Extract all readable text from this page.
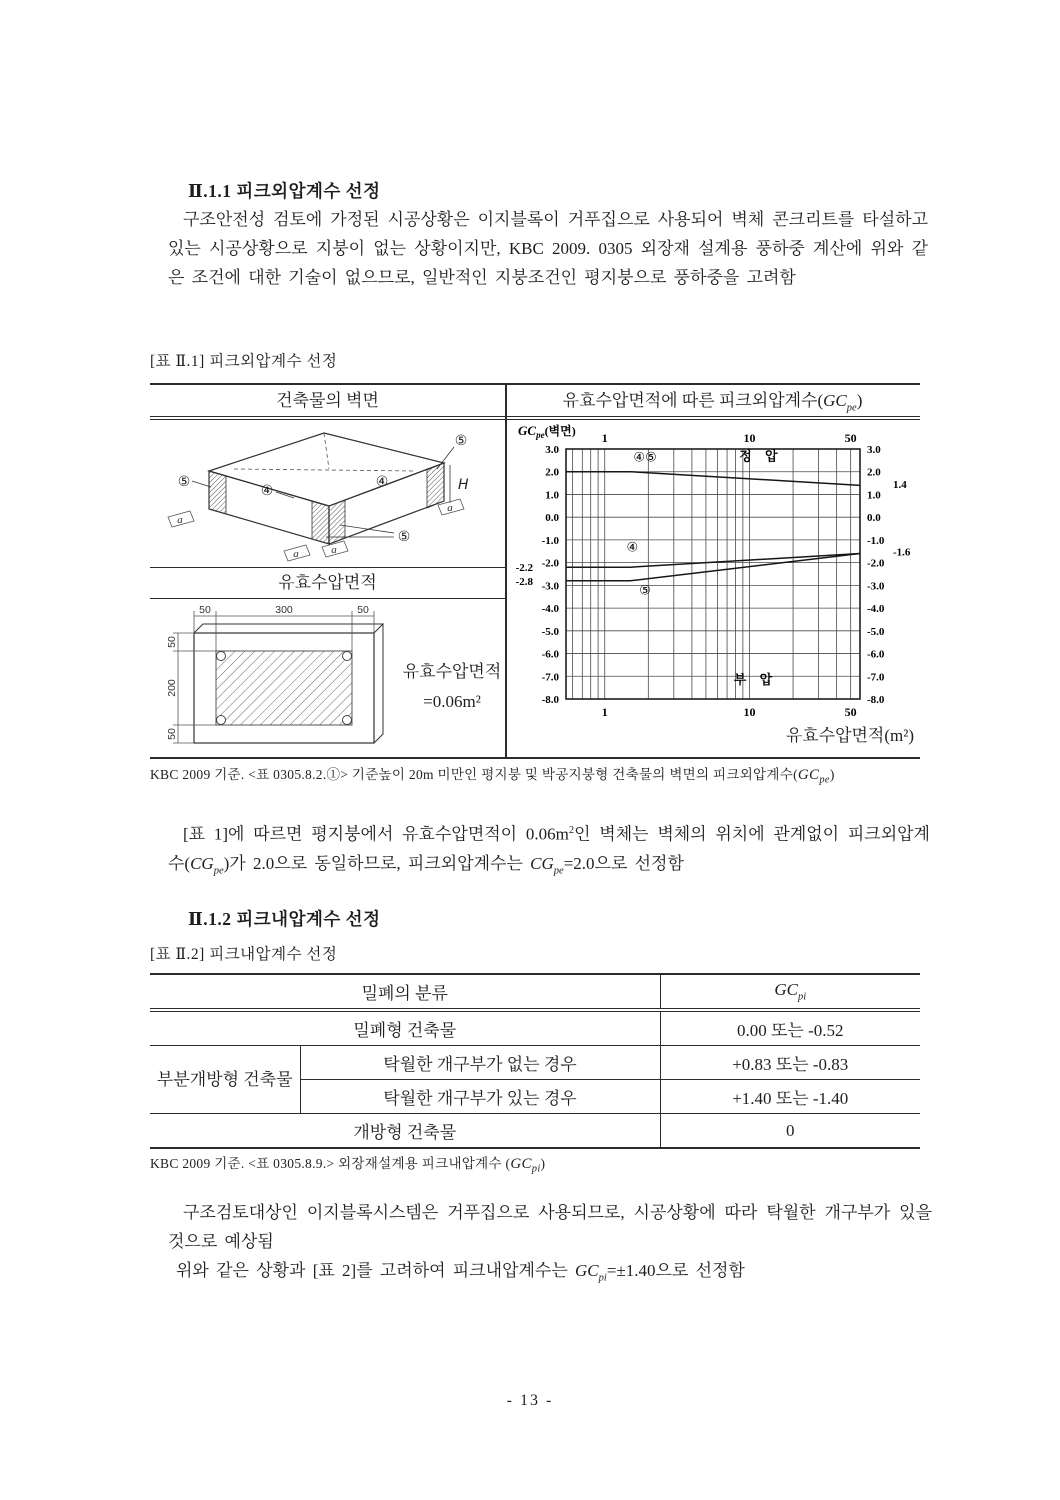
Ⅱ.1.1 피크외압계수 선정
구조안전성 검토에 가정된 시공상황은 이지블록이 거푸집으로 사용되어 벽체 콘크리트를 타설하고 있는 시공상황으로 지붕이 없는 상황이지만, KBC 2009. 0305 외장재 설계용 풍하중 계산에 위와 같은 조건에 대한 기술이 없으므로, 일반적인 지붕조건인 평지붕으로 풍하중을 고려함
[표 Ⅱ.1] 피크외압계수 선정
건축물의 벽면	유효수압면적에 따른 피크외압계수$(GC_{pe})$
⑤
④
④
⑤
⑤
H
a
a	a
a
유효수압면적
50	300	50
50
200
50
유효수압면적
=0.06m²
3.0	3.0
2.0	2.0
1.0	1.0
0.0	0.0
-1.0	-1.0
-2.0	-2.0
-3.0	-3.0
-4.0	-4.0
-5.0	-5.0
-6.0	-6.0
-7.0	-7.0
-8.0	-8.0
1
1
10
10
50
50
④⑤
④
⑤
정 압
부 압
1.4
-1.6
-2.2
-2.8
$GC_{pe}$(벽면)
유효수압면적(m²)
KBC 2009 기준. <표 0305.8.2.①> 기준높이 20m 미만인 평지붕 및 박공지붕형 건축물의 벽면의 피크외압계수$(GC_{pe})$
[표 1]에 따르면 평지붕에서 유효수압면적이 $0.06m^2$인 벽체는 벽체의 위치에 관계없이 피크외압계수$(CG_{pe})$가 2.0으로 동일하므로, 피크외압계수는 $CG_{pe}=2.0$으로 선정함
Ⅱ.1.2 피크내압계수 선정
[표 Ⅱ.2] 피크내압계수 선정
밀폐의 분류		$GC_{pi}$
밀폐형 건축물		0.00 또는 -0.52
부분개방형 건축물	탁월한 개구부가 없는 경우	+0.83 또는 -0.83
	탁월한 개구부가 있는 경우	+1.40 또는 -1.40
개방형 건축물		0
KBC 2009 기준. <표 0305.8.9.> 외장재설계용 피크내압계수 $(GC_{pi})$
구조검토대상인 이지블록시스템은 거푸집으로 사용되므로, 시공상황에 따라 탁월한 개구부가 있을 것으로 예상됨
위와 같은 상황과 [표 2]를 고려하여 피크내압계수는 $GC_{pi}=\pm 1.40$으로 선정함
- 13 -
